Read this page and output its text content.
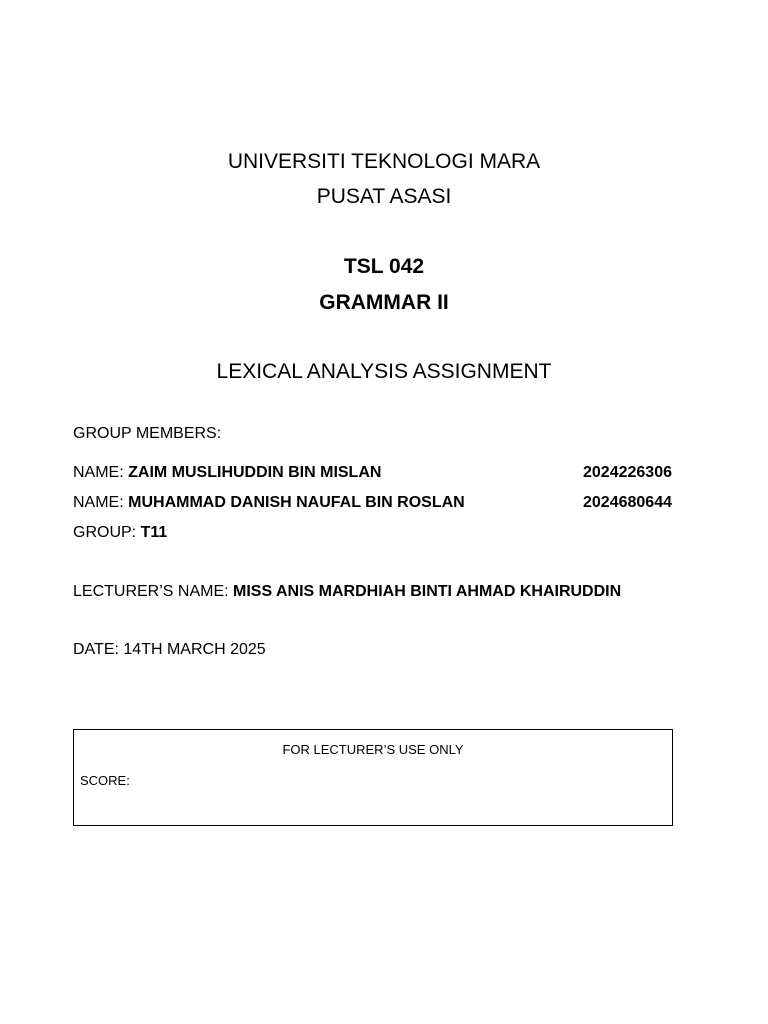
UNIVERSITI TEKNOLOGI MARA
PUSAT ASASI
TSL 042
GRAMMAR II
LEXICAL ANALYSIS ASSIGNMENT
GROUP MEMBERS:
NAME: ZAIM MUSLIHUDDIN BIN MISLAN	2024226306
NAME: MUHAMMAD DANISH NAUFAL BIN ROSLAN	2024680644
GROUP: T11
LECTURER’S NAME: MISS ANIS MARDHIAH BINTI AHMAD KHAIRUDDIN
DATE: 14TH MARCH 2025
FOR LECTURER’S USE ONLY
SCORE:
